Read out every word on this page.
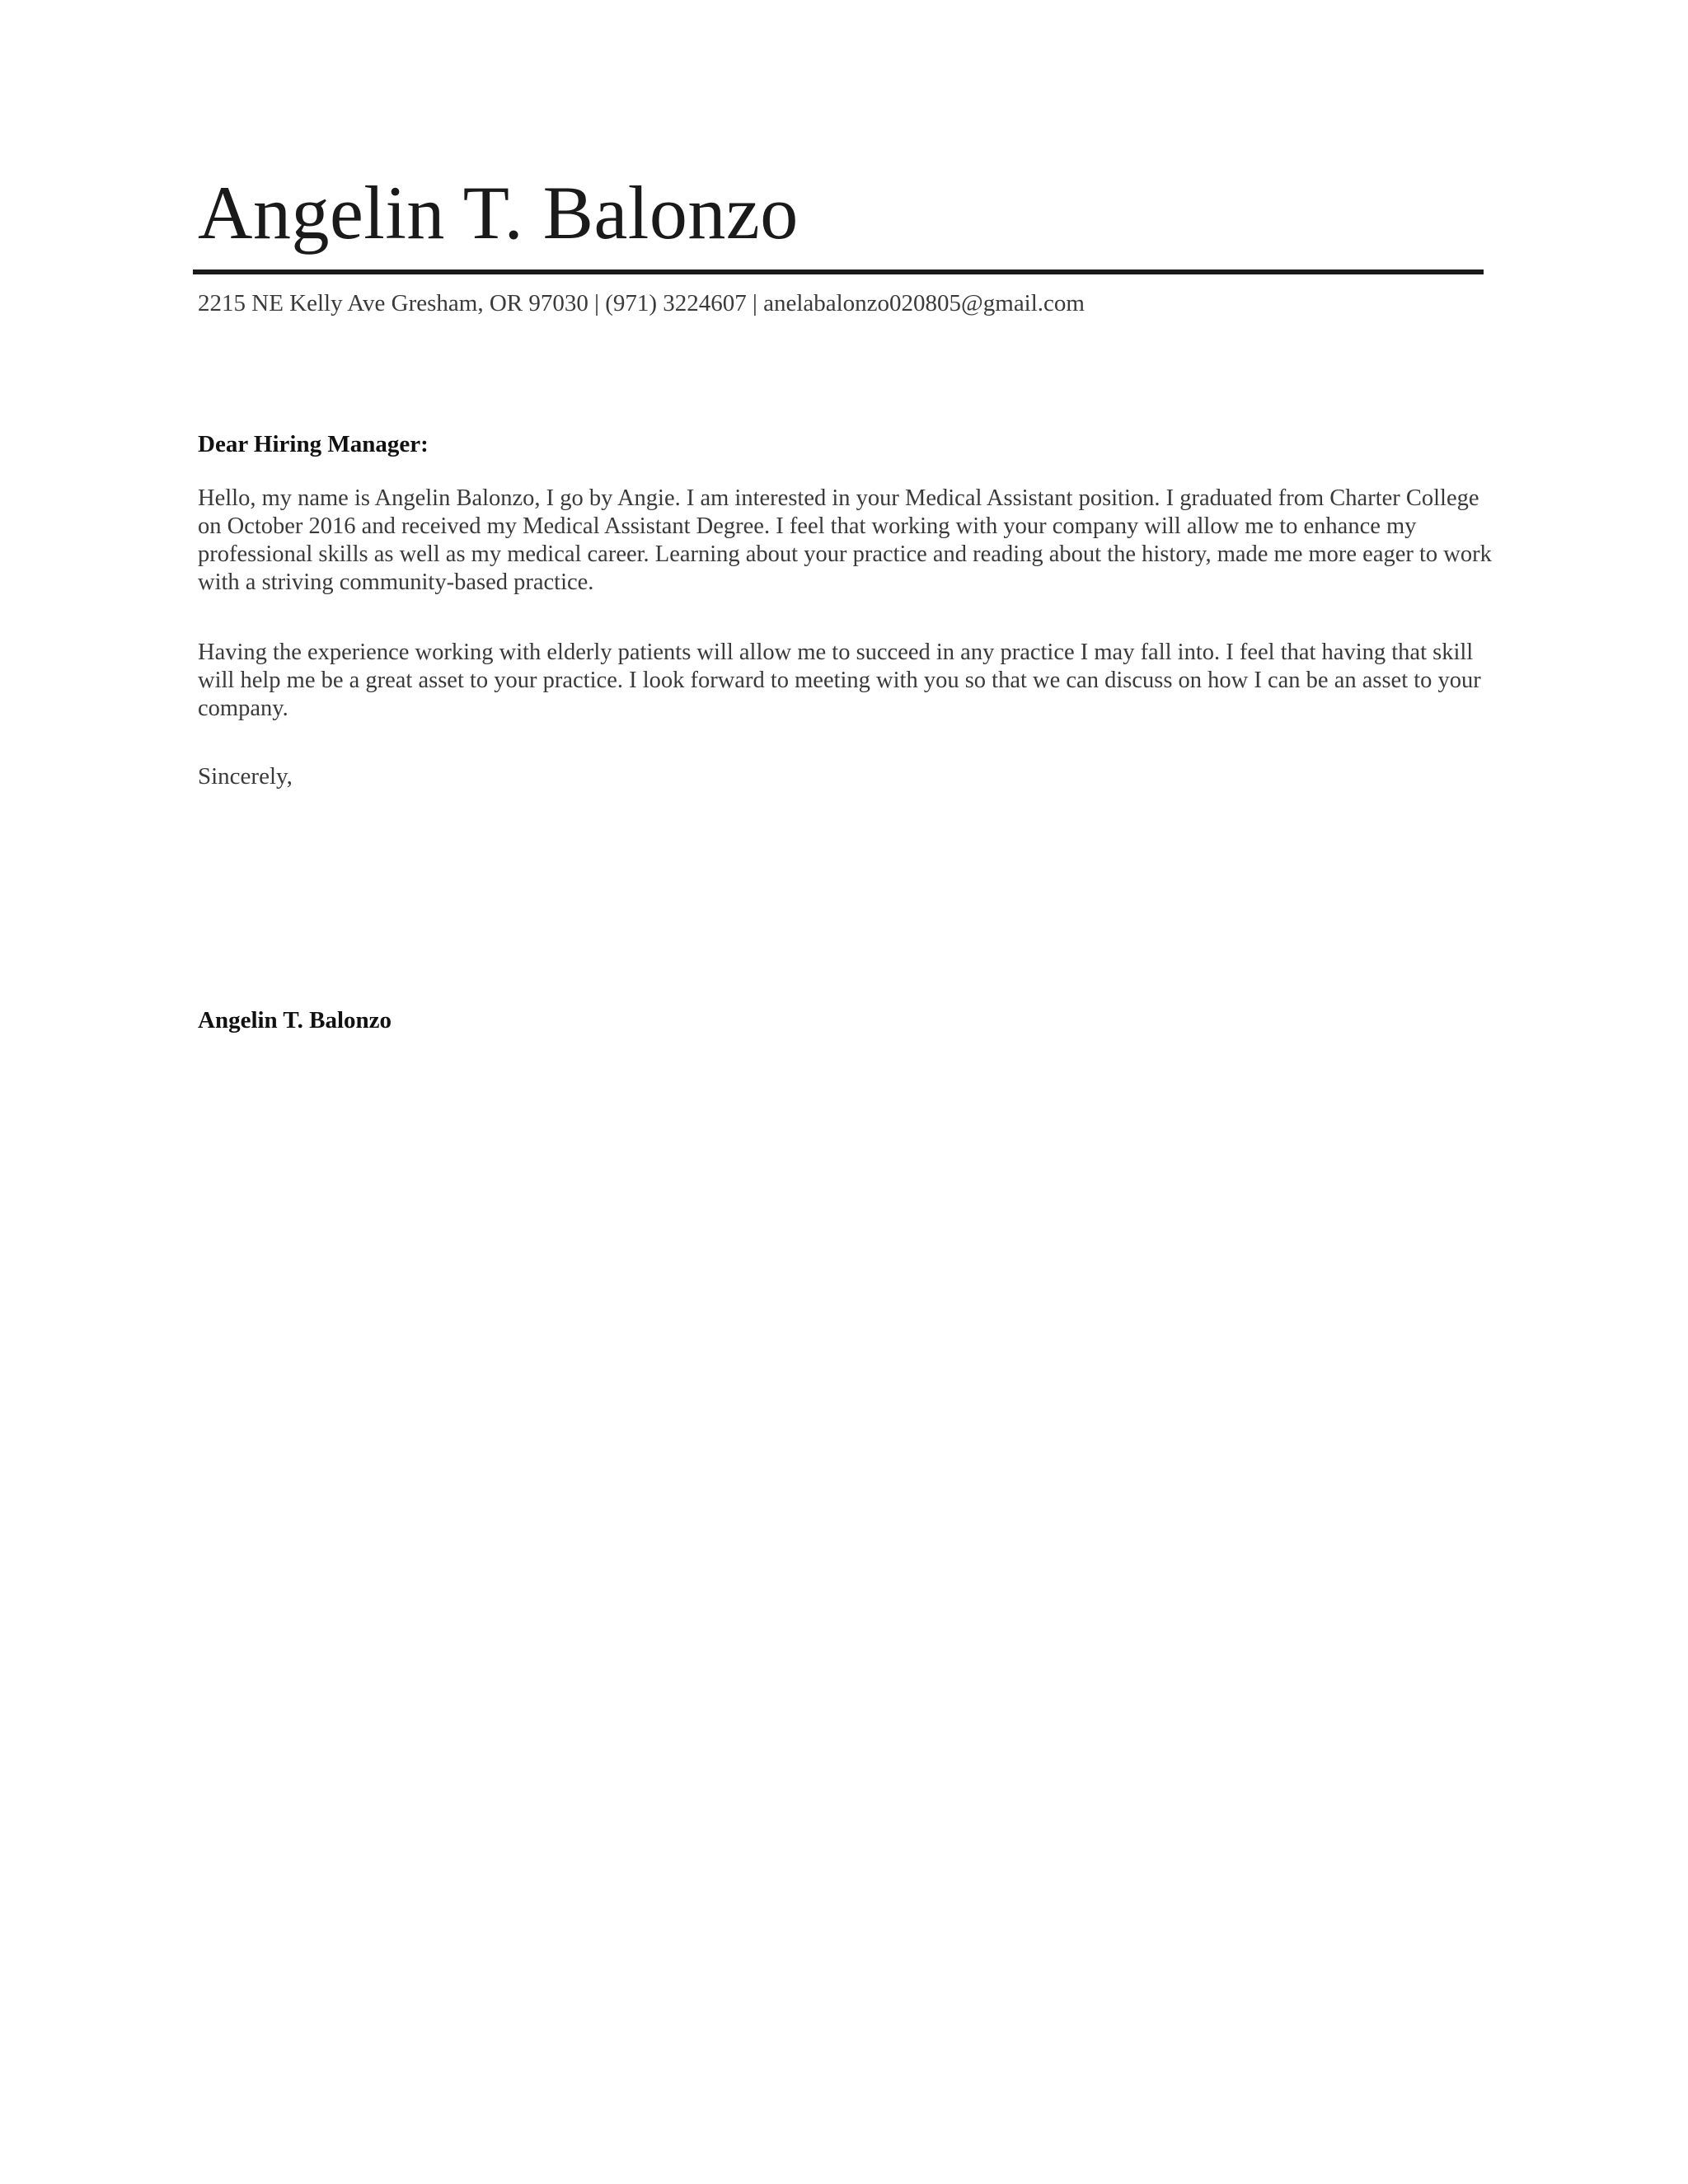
Angelin T. Balonzo
2215 NE Kelly Ave Gresham, OR 97030 | (971) 3224607 | anelabalonzo020805@gmail.com
Dear Hiring Manager:

Hello, my name is Angelin Balonzo, I go by Angie. I am interested in your Medical Assistant position. I graduated from Charter College on October 2016 and received my Medical Assistant Degree. I feel that working with your company will allow me to enhance my professional skills as well as my medical career. Learning about your practice and reading about the history, made me more eager to work with a striving community-based practice.

Having the experience working with elderly patients will allow me to succeed in any practice I may fall into. I feel that having that skill will help me be a great asset to your practice. I look forward to meeting with you so that we can discuss on how I can be an asset to your company.

Sincerely,
Angelin T. Balonzo
